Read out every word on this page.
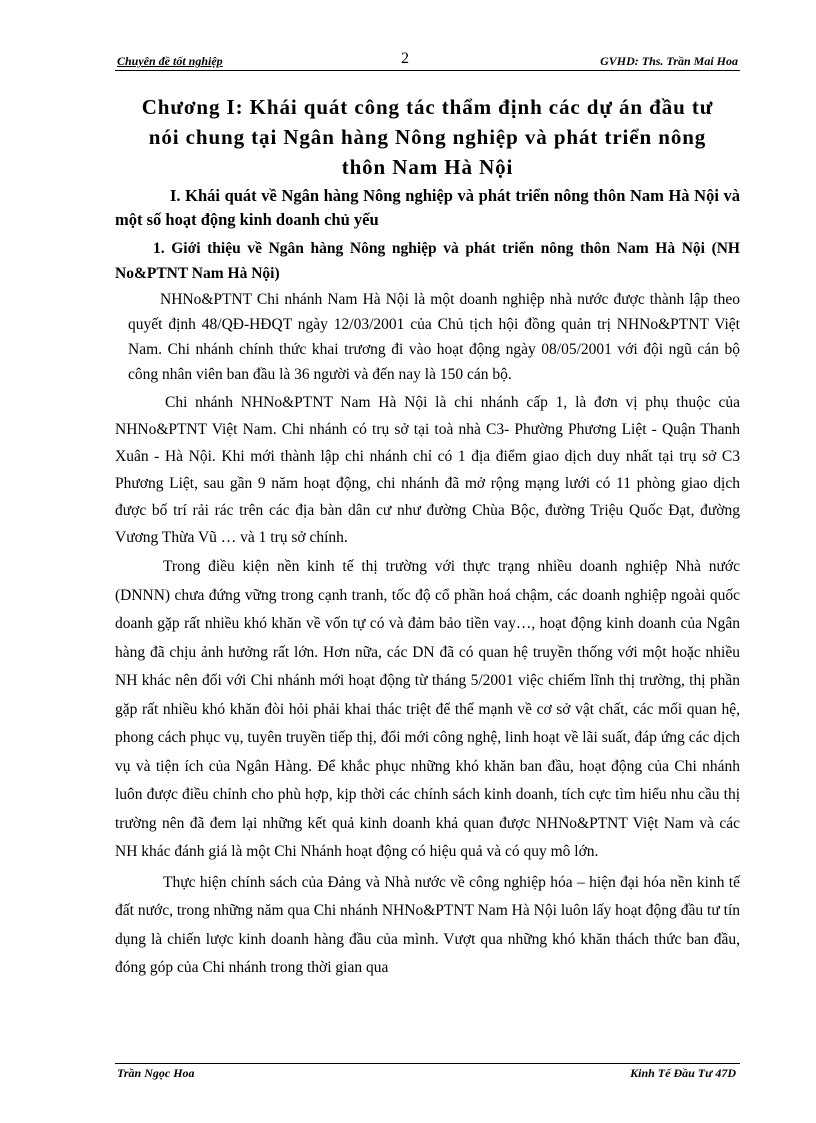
Chuyên đề tốt nghiệp	2	GVHD: Ths. Trần Mai Hoa
Chương I: Khái quát công tác thẩm định các dự án đầu tư
nói chung tại Ngân hàng Nông nghiệp và phát triển nông
thôn Nam Hà Nội

I. Khái quát về Ngân hàng Nông nghiệp và phát triển nông thôn Nam Hà Nội và một số hoạt động kinh doanh chủ yếu

1. Giới thiệu về Ngân hàng Nông nghiệp và phát triển nông thôn Nam Hà Nội (NH No&PTNT Nam Hà Nội)

NHNo&PTNT Chi nhánh Nam Hà Nội là một doanh nghiệp nhà nước được thành lập theo quyết định 48/QĐ-HĐQT ngày 12/03/2001 của Chủ tịch hội đồng quản trị NHNo&PTNT Việt Nam. Chi nhánh chính thức khai trương đi vào hoạt động ngày 08/05/2001 với đội ngũ cán bộ công nhân viên ban đầu là 36 người và đến nay là 150 cán bộ.

Chi nhánh NHNo&PTNT Nam Hà Nội là chi nhánh cấp 1, là đơn vị phụ thuộc của NHNo&PTNT Việt Nam. Chi nhánh có trụ sở tại toà nhà C3- Phường Phương Liệt - Quận Thanh Xuân - Hà Nội. Khi mới thành lập chi nhánh chỉ có 1 địa điểm giao dịch duy nhất tại trụ sở C3 Phương Liệt, sau gần 9 năm hoạt động, chi nhánh đã mở rộng mạng lưới có 11 phòng giao dịch được bố trí rải rác trên các địa bàn dân cư như đường Chùa Bộc, đường Triệu Quốc Đạt, đường Vương Thừa Vũ … và 1 trụ sở chính.

Trong điều kiện nền kinh tế thị trường với thực trạng nhiều doanh nghiệp Nhà nước (DNNN) chưa đứng vững trong cạnh tranh, tốc độ cổ phần hoá chậm, các doanh nghiệp ngoài quốc doanh gặp rất nhiều khó khăn về vốn tự có và đảm bảo tiền vay…, hoạt động kinh doanh của Ngân hàng đã chịu ảnh hưởng rất lớn. Hơn nữa, các DN đã có quan hệ truyền thống với một hoặc nhiều NH khác nên đối với Chi nhánh mới hoạt động từ tháng 5/2001 việc chiếm lĩnh thị trường, thị phần gặp rất nhiều khó khăn đòi hỏi phải khai thác triệt để thế mạnh về cơ sở vật chất, các mối quan hệ, phong cách phục vụ, tuyên truyền tiếp thị, đổi mới công nghệ, linh hoạt về lãi suất, đáp ứng các dịch vụ và tiện ích của Ngân Hàng. Để khắc phục những khó khăn ban đầu, hoạt động của Chi nhánh luôn được điều chỉnh cho phù hợp, kịp thời các chính sách kinh doanh, tích cực tìm hiểu nhu cầu thị trường nên đã đem lại những kết quả kinh doanh khả quan được NHNo&PTNT Việt Nam và các NH khác đánh giá là một Chi Nhánh hoạt động có hiệu quả và có quy mô lớn.

Thực hiện chính sách của Đảng và Nhà nước về công nghiệp hóa – hiện đại hóa nền kinh tế đất nước, trong những năm qua Chi nhánh NHNo&PTNT Nam Hà Nội luôn lấy hoạt động đầu tư tín dụng là chiến lược kinh doanh hàng đầu của mình. Vượt qua những khó khăn thách thức ban đầu, đóng góp của Chi nhánh trong thời gian qua

Trần Ngọc Hoa	Kinh Tế Đầu Tư 47D
